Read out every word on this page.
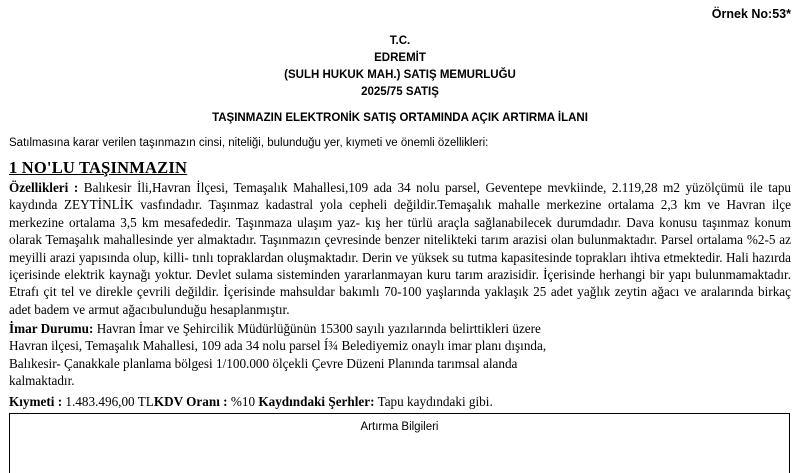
Örnek No:53*
T.C.
EDREMİT
(SULH HUKUK MAH.) SATIŞ MEMURLUĞU
2025/75 SATIŞ
TAŞINMAZIN ELEKTRONİK SATIŞ ORTAMINDA AÇIK ARTIRMA İLANI
Satılmasına karar verilen taşınmazın cinsi, niteliği, bulunduğu yer, kıymeti ve önemli özellikleri:
1 NO'LU TAŞINMAZIN
Özellikleri : Balıkesir İli,Havran İlçesi, Temaşalık Mahallesi,109 ada 34 nolu parsel, Geventepe mevkiinde, 2.119,28 m2 yüzölçümü ile tapu kaydında ZEYTİNLİK vasfındadır. Taşınmaz kadastral yola cepheli değildir.Temaşalık mahalle merkezine ortalama 2,3 km ve Havran ilçe merkezine ortalama 3,5 km mesafededir. Taşınmaza ulaşım yaz- kış her türlü araçla sağlanabilecek durumdadır. Dava konusu taşınmaz konum olarak Temaşalık mahallesinde yer almaktadır. Taşınmazın çevresinde benzer nitelikteki tarım arazisi olan bulunmaktadır. Parsel ortalama %2-5 az meyilli arazi yapısında olup, killi- tınlı topraklardan oluşmaktadır. Derin ve yüksek su tutma kapasitesinde toprakları ihtiva etmektedir. Hali hazırda içerisinde elektrik kaynağı yoktur. Devlet sulama sisteminden yararlanmayan kuru tarım arazisidir. İçerisinde herhangi bir yapı bulunmamaktadır. Etrafı çit tel ve direkle çevrili değildir. İçerisinde mahsuldar bakımlı 70-100 yaşlarında yaklaşık 25 adet yağlık zeytin ağacı ve aralarında birkaç adet badem ve armut ağacıbulunduğu hesaplanmıştır.
İmar Durumu: Havran İmar ve Şehircilik Müdürlüğünün 15300 sayılı yazılarında belirttikleri üzere
Havran ilçesi, Temaşalık Mahallesi, 109 ada 34 nolu parsel Í¾ Belediyemiz onaylı imar planı dışında,
Balıkesir- Çanakkale planlama bölgesi 1/100.000 ölçekli Çevre Düzeni Planında tarımsal alanda
kalmaktadır.
Kıymeti : 1.483.496,00 TLKDV Oranı : %10 Kaydındaki Şerhler: Tapu kaydındaki gibi.
Artırma Bilgileri
